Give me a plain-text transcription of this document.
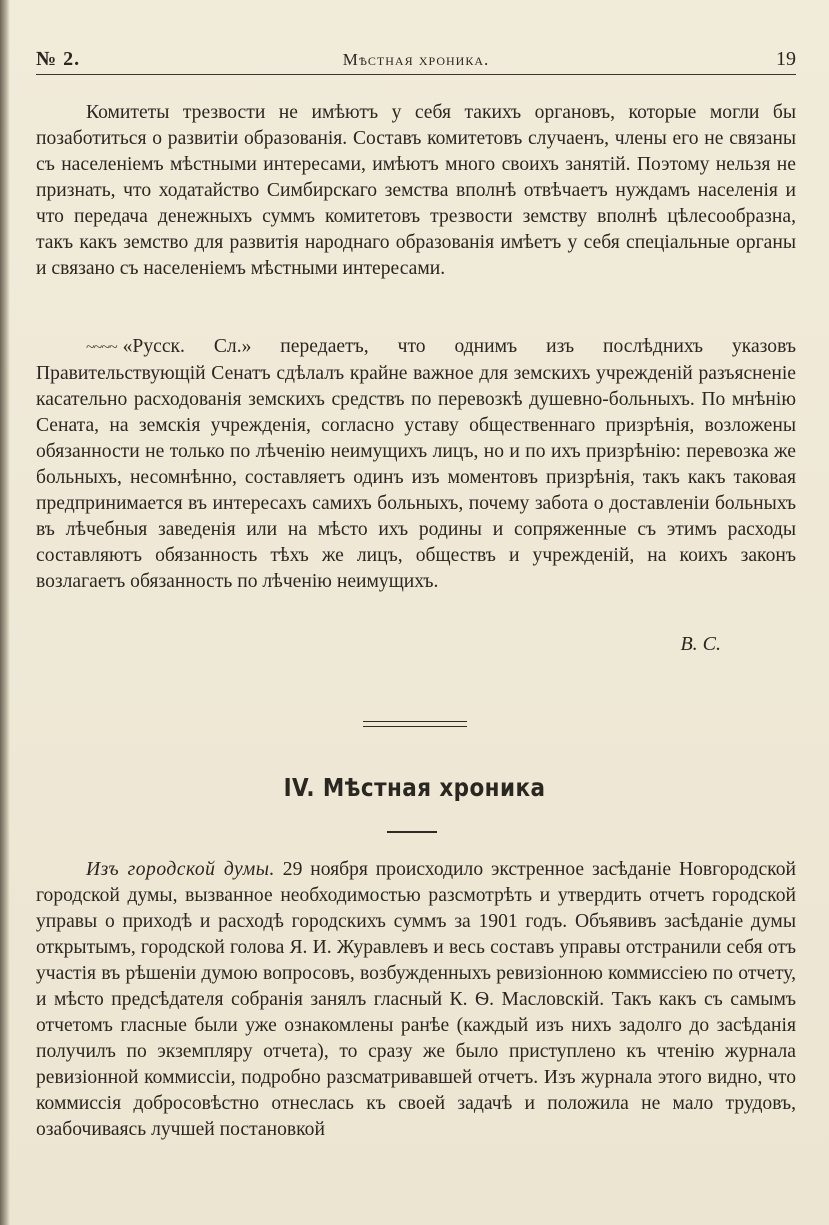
№ 2.	Мѣстная хроника.	19

Комитеты трезвости не имѣютъ у себя такихъ органовъ, которые могли бы позаботиться о развитіи образованія. Составъ комитетовъ случаенъ, члены его не связаны съ населеніемъ мѣстными интересами, имѣютъ много своихъ занятій. Поэтому нельзя не признать, что ходатайство Симбирскаго земства вполнѣ отвѣчаетъ нуждамъ населенія и что передача денежныхъ суммъ комитетовъ трезвости земству вполнѣ цѣлесообразна, такъ какъ земство для развитія народнаго образованія имѣетъ у себя спеціальные органы и связано съ населеніемъ мѣстными интересами.

~~~~ «Русск. Сл.» передаетъ, что однимъ изъ послѣднихъ указовъ Правительствующій Сенатъ сдѣлалъ крайне важное для земскихъ учрежденій разъясненіе касательно расходованія земскихъ средствъ по перевозкѣ душевно-больныхъ. По мнѣнію Сената, на земскія учрежденія, согласно уставу общественнаго призрѣнія, возложены обязанности не только по лѣченію неимущихъ лицъ, но и по ихъ призрѣнію: перевозка же больныхъ, несомнѣнно, составляетъ одинъ изъ моментовъ призрѣнія, такъ какъ таковая предпринимается въ интересахъ самихъ больныхъ, почему забота о доставленіи больныхъ въ лѣчебныя заведенія или на мѣсто ихъ родины и сопряженные съ этимъ расходы составляютъ обязанность тѣхъ же лицъ, обществъ и учрежденій, на коихъ законъ возлагаетъ обязанность по лѣченію неимущихъ.

В. С.
IV. Мѣстная хроника

Изъ городской думы. 29 ноября происходило экстренное засѣданіе Новгородской городской думы, вызванное необходимостью разсмотрѣть и утвердить отчетъ городской управы о приходѣ и расходѣ городскихъ суммъ за 1901 годъ. Объявивъ засѣданіе думы открытымъ, городской голова Я. И. Журавлевъ и весь составъ управы отстранили себя отъ участія въ рѣшеніи думою вопросовъ, возбужденныхъ ревизіонною коммиссіею по отчету, и мѣсто предсѣдателя собранія занялъ гласный К. Ѳ. Масловскій. Такъ какъ съ самымъ отчетомъ гласные были уже ознакомлены ранѣе (каждый изъ нихъ задолго до засѣданія получилъ по экземпляру отчета), то сразу же было приступлено къ чтенію журнала ревизіонной коммиссіи, подробно разсматривавшей отчетъ. Изъ журнала этого видно, что коммиссія добросовѣстно отнеслась къ своей задачѣ и положила не мало трудовъ, озабочиваясь лучшей постановкой
